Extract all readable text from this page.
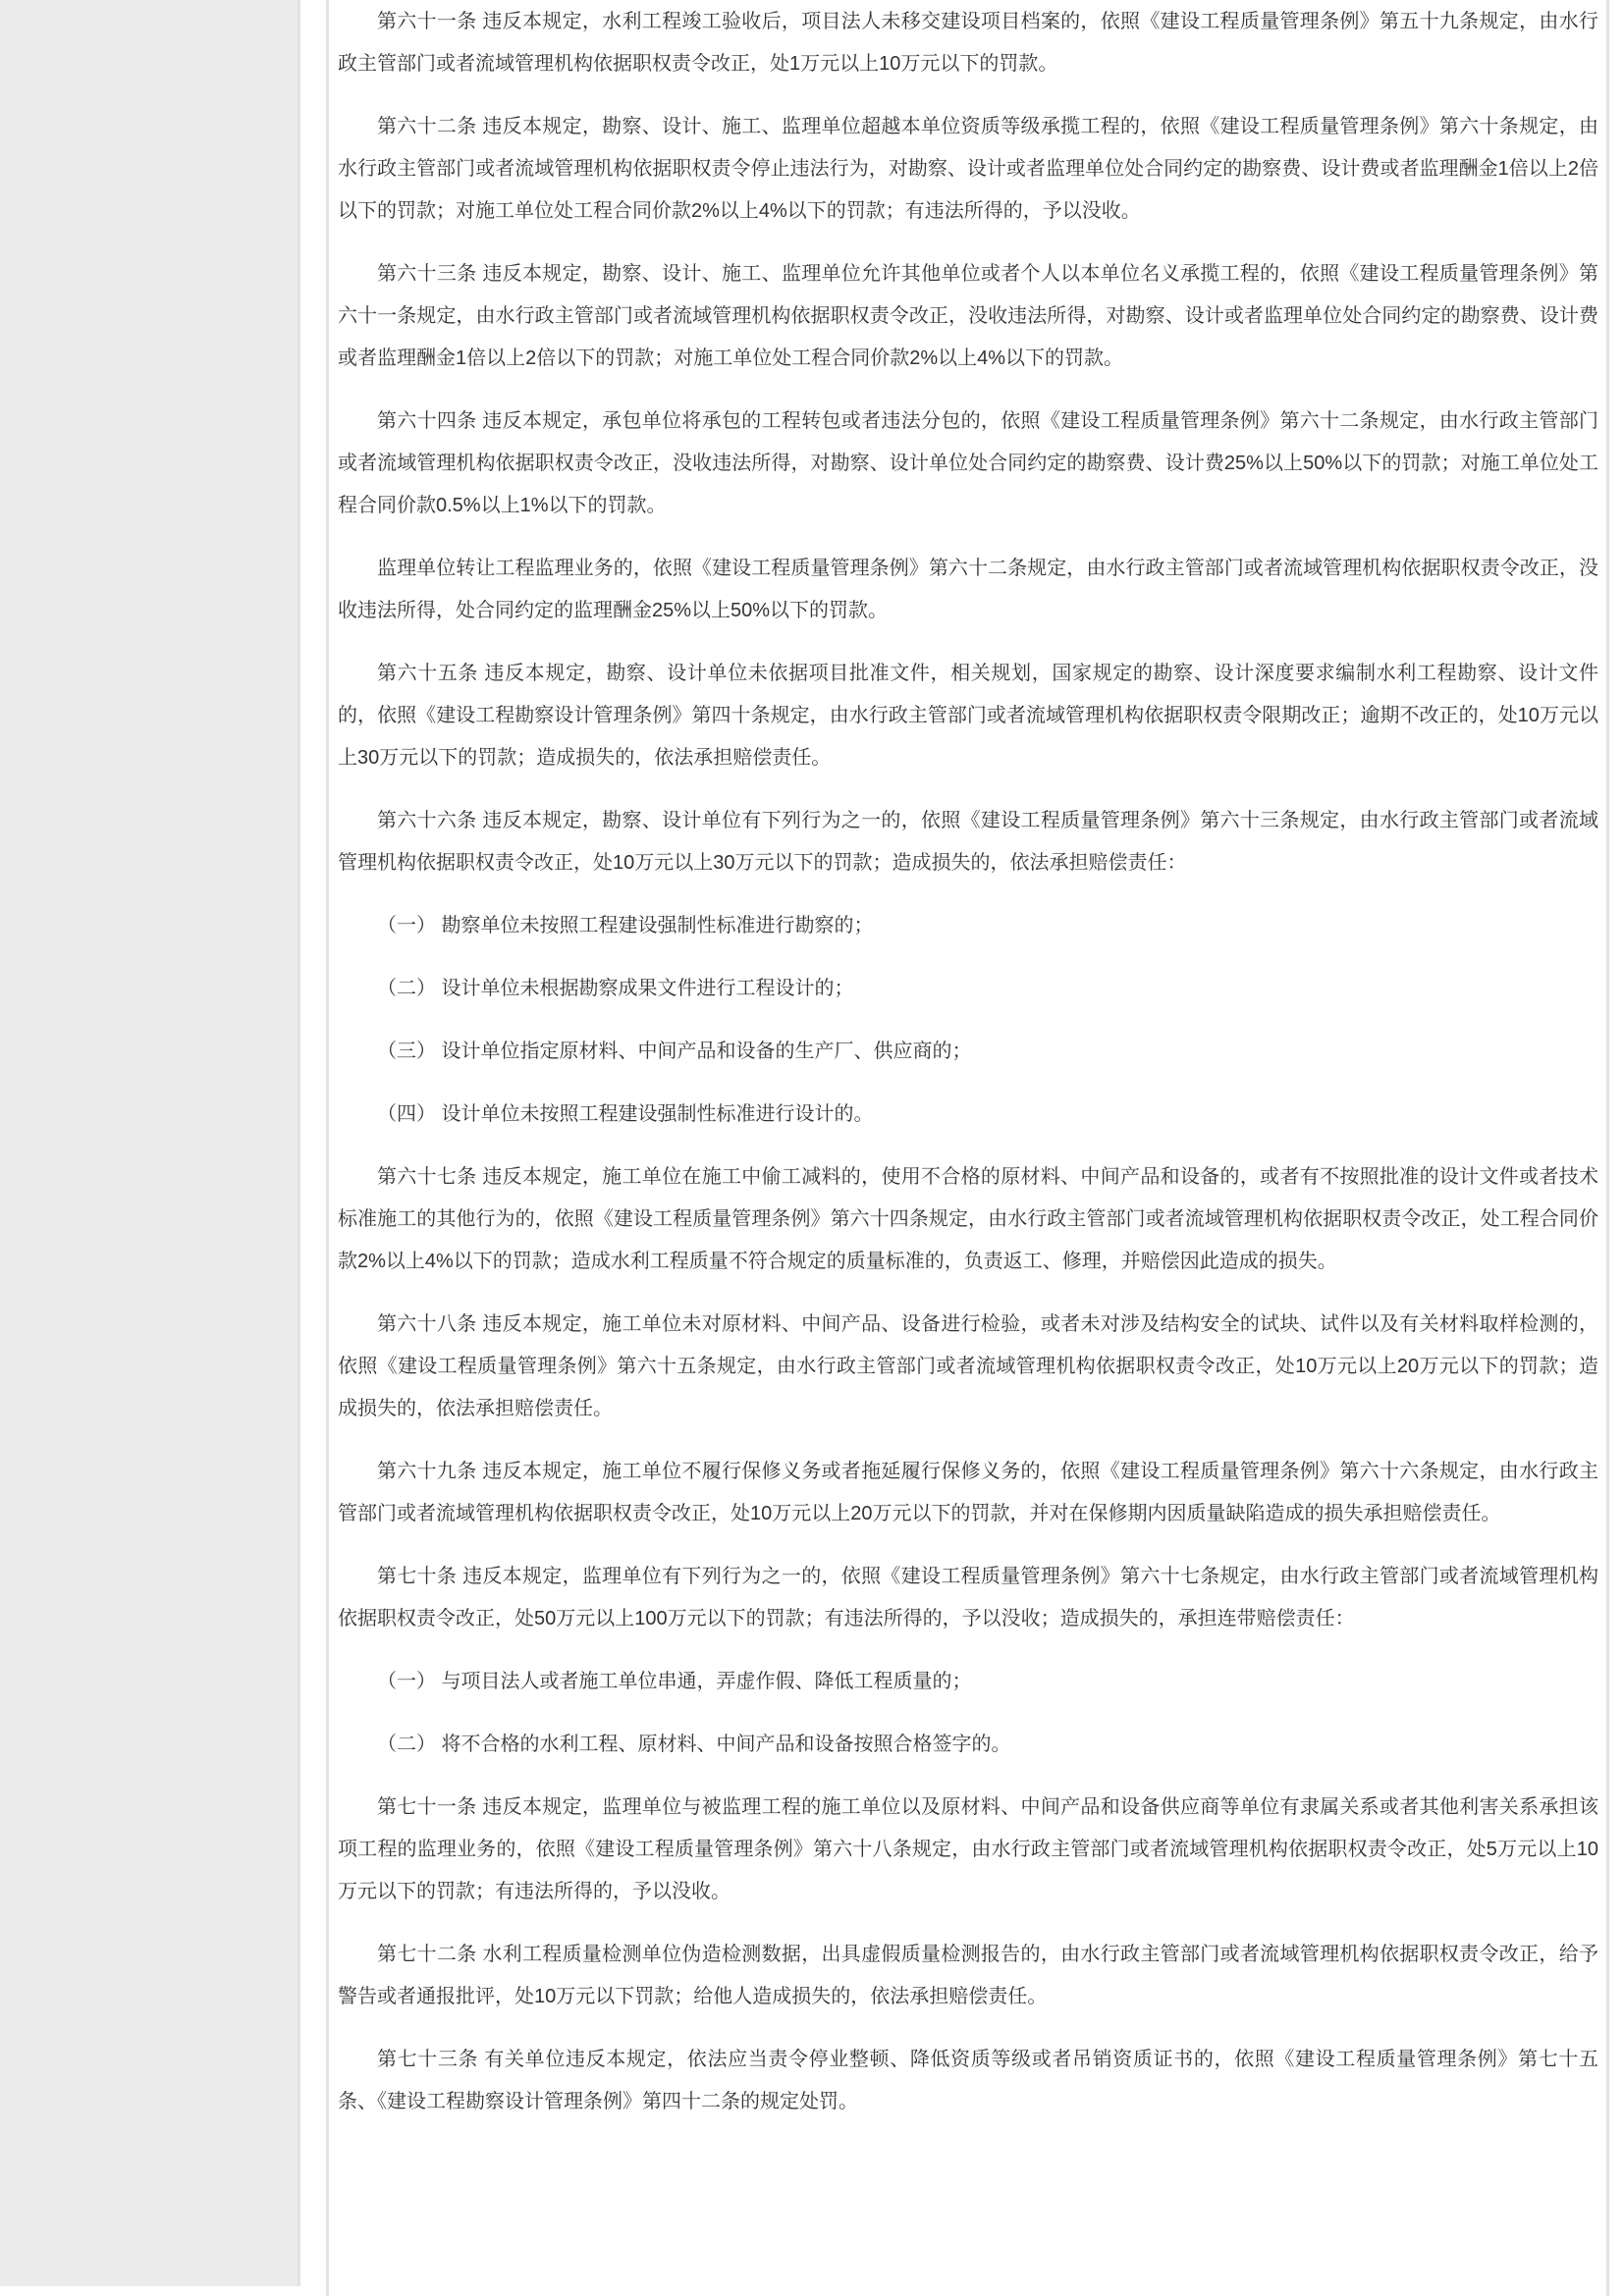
第六十一条 违反本规定，水利工程竣工验收后，项目法人未移交建设项目档案的，依照《建设工程质量管理条例》第五十九条规定，由水行政主管部门或者流域管理机构依据职权责令改正，处1万元以上10万元以下的罚款。

第六十二条 违反本规定，勘察、设计、施工、监理单位超越本单位资质等级承揽工程的，依照《建设工程质量管理条例》第六十条规定，由水行政主管部门或者流域管理机构依据职权责令停止违法行为，对勘察、设计或者监理单位处合同约定的勘察费、设计费或者监理酬金1倍以上2倍以下的罚款；对施工单位处工程合同价款2%以上4%以下的罚款；有违法所得的，予以没收。

第六十三条 违反本规定，勘察、设计、施工、监理单位允许其他单位或者个人以本单位名义承揽工程的，依照《建设工程质量管理条例》第六十一条规定，由水行政主管部门或者流域管理机构依据职权责令改正，没收违法所得，对勘察、设计或者监理单位处合同约定的勘察费、设计费或者监理酬金1倍以上2倍以下的罚款；对施工单位处工程合同价款2%以上4%以下的罚款。

第六十四条 违反本规定，承包单位将承包的工程转包或者违法分包的，依照《建设工程质量管理条例》第六十二条规定，由水行政主管部门或者流域管理机构依据职权责令改正，没收违法所得，对勘察、设计单位处合同约定的勘察费、设计费25%以上50%以下的罚款；对施工单位处工程合同价款0.5%以上1%以下的罚款。

监理单位转让工程监理业务的，依照《建设工程质量管理条例》第六十二条规定，由水行政主管部门或者流域管理机构依据职权责令改正，没收违法所得，处合同约定的监理酬金25%以上50%以下的罚款。

第六十五条 违反本规定，勘察、设计单位未依据项目批准文件，相关规划，国家规定的勘察、设计深度要求编制水利工程勘察、设计文件的，依照《建设工程勘察设计管理条例》第四十条规定，由水行政主管部门或者流域管理机构依据职权责令限期改正；逾期不改正的，处10万元以上30万元以下的罚款；造成损失的，依法承担赔偿责任。

第六十六条 违反本规定，勘察、设计单位有下列行为之一的，依照《建设工程质量管理条例》第六十三条规定，由水行政主管部门或者流域管理机构依据职权责令改正，处10万元以上30万元以下的罚款；造成损失的，依法承担赔偿责任：

（一） 勘察单位未按照工程建设强制性标准进行勘察的；

（二） 设计单位未根据勘察成果文件进行工程设计的；

（三） 设计单位指定原材料、中间产品和设备的生产厂、供应商的；

（四） 设计单位未按照工程建设强制性标准进行设计的。

第六十七条 违反本规定，施工单位在施工中偷工减料的，使用不合格的原材料、中间产品和设备的，或者有不按照批准的设计文件或者技术标准施工的其他行为的，依照《建设工程质量管理条例》第六十四条规定，由水行政主管部门或者流域管理机构依据职权责令改正，处工程合同价款2%以上4%以下的罚款；造成水利工程质量不符合规定的质量标准的，负责返工、修理，并赔偿因此造成的损失。

第六十八条 违反本规定，施工单位未对原材料、中间产品、设备进行检验，或者未对涉及结构安全的试块、试件以及有关材料取样检测的，依照《建设工程质量管理条例》第六十五条规定，由水行政主管部门或者流域管理机构依据职权责令改正，处10万元以上20万元以下的罚款；造成损失的，依法承担赔偿责任。

第六十九条 违反本规定，施工单位不履行保修义务或者拖延履行保修义务的，依照《建设工程质量管理条例》第六十六条规定，由水行政主管部门或者流域管理机构依据职权责令改正，处10万元以上20万元以下的罚款，并对在保修期内因质量缺陷造成的损失承担赔偿责任。

第七十条 违反本规定，监理单位有下列行为之一的，依照《建设工程质量管理条例》第六十七条规定，由水行政主管部门或者流域管理机构依据职权责令改正，处50万元以上100万元以下的罚款；有违法所得的，予以没收；造成损失的，承担连带赔偿责任：

（一） 与项目法人或者施工单位串通，弄虚作假、降低工程质量的；

（二） 将不合格的水利工程、原材料、中间产品和设备按照合格签字的。

第七十一条 违反本规定，监理单位与被监理工程的施工单位以及原材料、中间产品和设备供应商等单位有隶属关系或者其他利害关系承担该项工程的监理业务的，依照《建设工程质量管理条例》第六十八条规定，由水行政主管部门或者流域管理机构依据职权责令改正，处5万元以上10万元以下的罚款；有违法所得的，予以没收。

第七十二条 水利工程质量检测单位伪造检测数据，出具虚假质量检测报告的，由水行政主管部门或者流域管理机构依据职权责令改正，给予警告或者通报批评，处10万元以下罚款；给他人造成损失的，依法承担赔偿责任。

第七十三条 有关单位违反本规定，依法应当责令停业整顿、降低资质等级或者吊销资质证书的，依照《建设工程质量管理条例》第七十五条、《建设工程勘察设计管理条例》第四十二条的规定处罚。
